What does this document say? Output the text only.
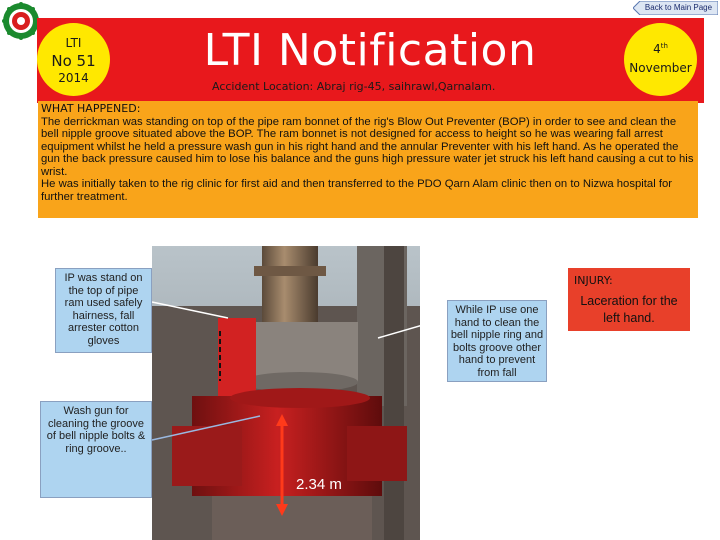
Back to Main Page
LTI
No 51
2014
LTI Notification
Accident Location: Abraj rig-45, saihrawl,Qarnalam.
4th
November
WHAT HAPPENED:

The derrickman was standing on top of the pipe ram bonnet of the rig's Blow Out Preventer (BOP) in order to see and clean the bell nipple groove situated above the BOP. The ram bonnet is not designed for access to height so he was wearing fall arrest equipment whilst he held a pressure wash gun in his right hand and the annular Preventer with his left hand. As he operated the gun the back pressure caused him to lose his balance and the guns high pressure water jet struck his left hand causing a cut to his wrist.

He was initially taken to the rig clinic for first aid and then transferred to the PDO Qarn Alam clinic then on to Nizwa hospital for further treatment.

2.34 m
IP was stand on the top of pipe ram used safely hairness, fall arrester cotton gloves
Wash gun for cleaning the groove of bell nipple bolts & ring groove..
While IP use one hand to clean the bell nipple ring and bolts groove other hand to prevent from fall
INJURY:
Laceration for the left hand.
